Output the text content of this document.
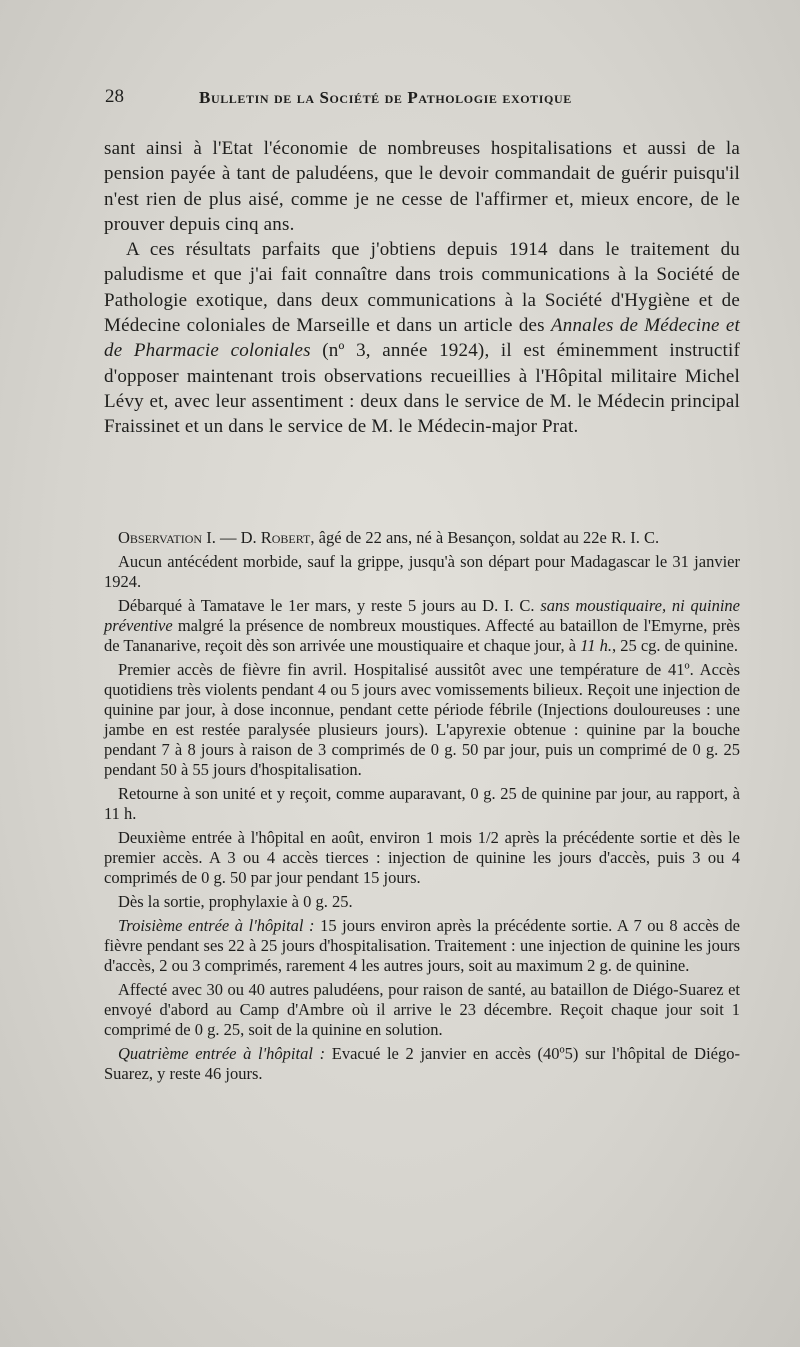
28	Bulletin de la Société de Pathologie exotique

sant ainsi à l'Etat l'économie de nombreuses hospitalisations et aussi de la pension payée à tant de paludéens, que le devoir commandait de guérir puisqu'il n'est rien de plus aisé, comme je ne cesse de l'affirmer et, mieux encore, de le prouver depuis cinq ans.

A ces résultats parfaits que j'obtiens depuis 1914 dans le traitement du paludisme et que j'ai fait connaître dans trois communications à la Société de Pathologie exotique, dans deux communications à la Société d'Hygiène et de Médecine coloniales de Marseille et dans un article des Annales de Médecine et de Pharmacie coloniales (nº 3, année 1924), il est éminemment instructif d'opposer maintenant trois observations recueillies à l'Hôpital militaire Michel Lévy et, avec leur assentiment : deux dans le service de M. le Médecin principal Fraissinet et un dans le service de M. le Médecin-major Prat.

Observation I. — D. Robert, âgé de 22 ans, né à Besançon, soldat au 22e R. I. C.

Aucun antécédent morbide, sauf la grippe, jusqu'à son départ pour Madagascar le 31 janvier 1924.

Débarqué à Tamatave le 1er mars, y reste 5 jours au D. I. C. sans moustiquaire, ni quinine préventive malgré la présence de nombreux moustiques. Affecté au bataillon de l'Emyrne, près de Tananarive, reçoit dès son arrivée une moustiquaire et chaque jour, à 11 h., 25 cg. de quinine.

Premier accès de fièvre fin avril. Hospitalisé aussitôt avec une température de 41º. Accès quotidiens très violents pendant 4 ou 5 jours avec vomissements bilieux. Reçoit une injection de quinine par jour, à dose inconnue, pendant cette période fébrile (Injections douloureuses : une jambe en est restée paralysée plusieurs jours). L'apyrexie obtenue : quinine par la bouche pendant 7 à 8 jours à raison de 3 comprimés de 0 g. 50 par jour, puis un comprimé de 0 g. 25 pendant 50 à 55 jours d'hospitalisation.

Retourne à son unité et y reçoit, comme auparavant, 0 g. 25 de quinine par jour, au rapport, à 11 h.

Deuxième entrée à l'hôpital en août, environ 1 mois 1/2 après la précédente sortie et dès le premier accès. A 3 ou 4 accès tierces : injection de quinine les jours d'accès, puis 3 ou 4 comprimés de 0 g. 50 par jour pendant 15 jours.

Dès la sortie, prophylaxie à 0 g. 25.

Troisième entrée à l'hôpital : 15 jours environ après la précédente sortie. A 7 ou 8 accès de fièvre pendant ses 22 à 25 jours d'hospitalisation. Traitement : une injection de quinine les jours d'accès, 2 ou 3 comprimés, rarement 4 les autres jours, soit au maximum 2 g. de quinine.

Affecté avec 30 ou 40 autres paludéens, pour raison de santé, au bataillon de Diégo-Suarez et envoyé d'abord au Camp d'Ambre où il arrive le 23 décembre. Reçoit chaque jour soit 1 comprimé de 0 g. 25, soit de la quinine en solution.

Quatrième entrée à l'hôpital : Evacué le 2 janvier en accès (40º5) sur l'hôpital de Diégo-Suarez, y reste 46 jours.
